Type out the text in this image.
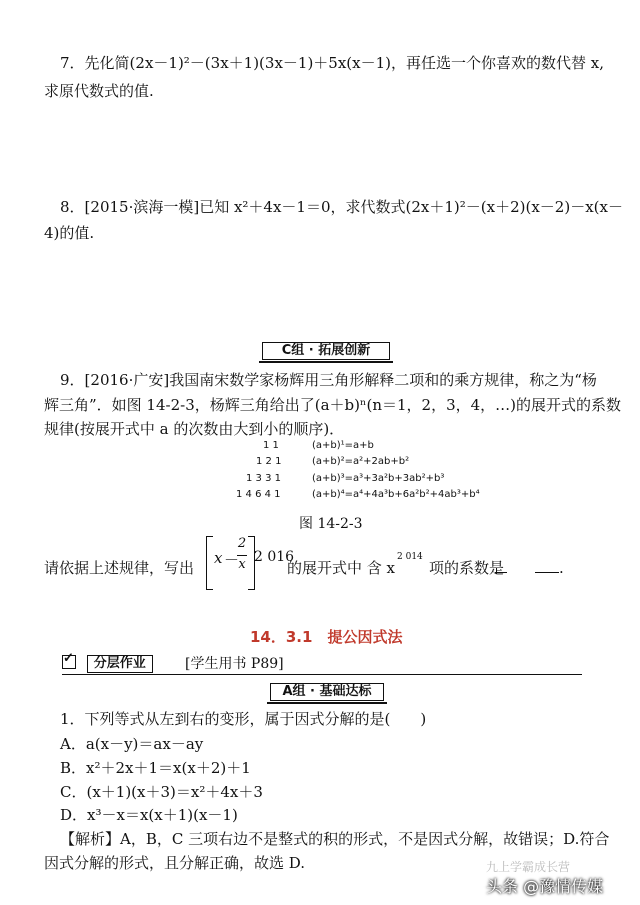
7．先化简(2x－1)²－(3x＋1)(3x－1)＋5x(x－1)，再任选一个你喜欢的数代替 x,
求原代数式的值.
8．[2015·滨海一模]已知 x²＋4x－1＝0，求代数式(2x＋1)²－(x＋2)(x－2)－x(x－
4)的值.
C组 · 拓展创新
9．[2016·广安]我国南宋数学家杨辉用三角形解释二项和的乘方规律，称之为“杨
辉三角”．如图 14-2-3，杨辉三角给出了(a＋b)ⁿ(n＝1，2，3，4，…)的展开式的系数
规律(按展开式中 a 的次数由大到小的顺序)．
1 1	(a+b)¹=a+b
1 2 1	(a+b)²=a²+2ab+b²
1 3 3 1	(a+b)³=a³+3a²b+3ab²+b³
1 4 6 4 1	(a+b)⁴=a⁴+4a³b+6a²b²+4ab³+b⁴
图 14-2-3
请依据上述规律，写出
x －
2
x 2 016
的展开式中 含 x
2 014
项的系数是	.
14．3.1　提公因式法
✓ 分层作业	[学生用书 P89]
A组 · 基础达标
1．下列等式从左到右的变形，属于因式分解的是(　　)
A．a(x－y)＝ax－ay
B．x²＋2x＋1＝x(x＋2)＋1
C．(x＋1)(x＋3)＝x²＋4x＋3
D．x³－x＝x(x＋1)(x－1)
【解析】A，B，C 三项右边不是整式的积的形式，不是因式分解，故错误；D.符合
因式分解的形式，且分解正确，故选 D.	九上学霸成长营
头条 @豫情传媒
